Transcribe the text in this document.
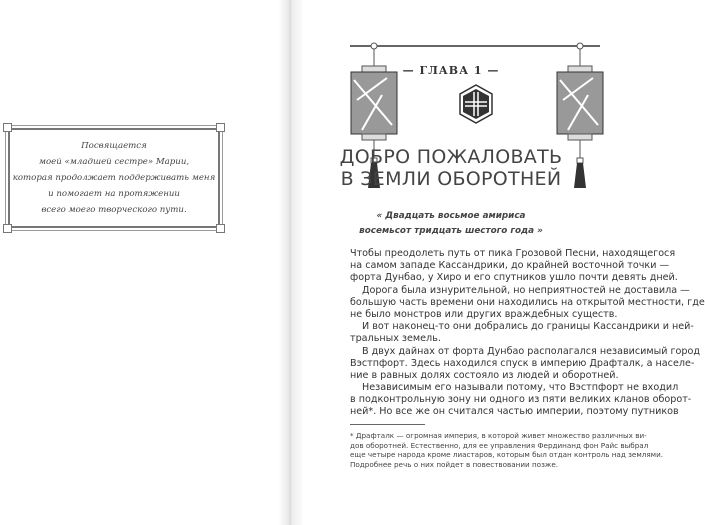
Посвящается
моей «младшей сестре» Марии,
которая продолжает поддерживать меня
и помогает на протяжении
всего моего творческого пути.
— ГЛАВА 1 —
ДОБРО ПОЖАЛОВАТЬ
В ЗЕМЛИ ОБОРОТНЕЙ
« Двадцать восьмое амириса
восемьсот тридцать шестого года »

Чтобы преодолеть путь от пика Грозовой Песни, находящегося

на самом западе Кассандрики, до крайней восточной точки —

форта Дунбао, у Хиро и его спутников ушло почти девять дней.

Дорога была изнурительной, но неприятностей не доставила —

большую часть времени они находились на открытой местности, где

не было монстров или других враждебных существ.

И вот наконец-то они добрались до границы Кассандрики и ней-

тральных земель.

В двух дайнах от форта Дунбао располагался независимый город

Вэстпфорт. Здесь находился спуск в империю Драфталк, а населе-

ние в равных долях состояло из людей и оборотней.

Независимым его называли потому, что Вэстпфорт не входил

в подконтрольную зону ни одного из пяти великих кланов оборот-

ней*. Но все же он считался частью империи, поэтому путников

* Драфталк — огромная империя, в которой живет множество различных ви-

дов оборотней. Естественно, для ее управления Фердинанд фон Райс выбрал

еще четыре народа кроме лиастаров, которым был отдан контроль над землями.

Подробнее речь о них пойдет в повествовании позже.
